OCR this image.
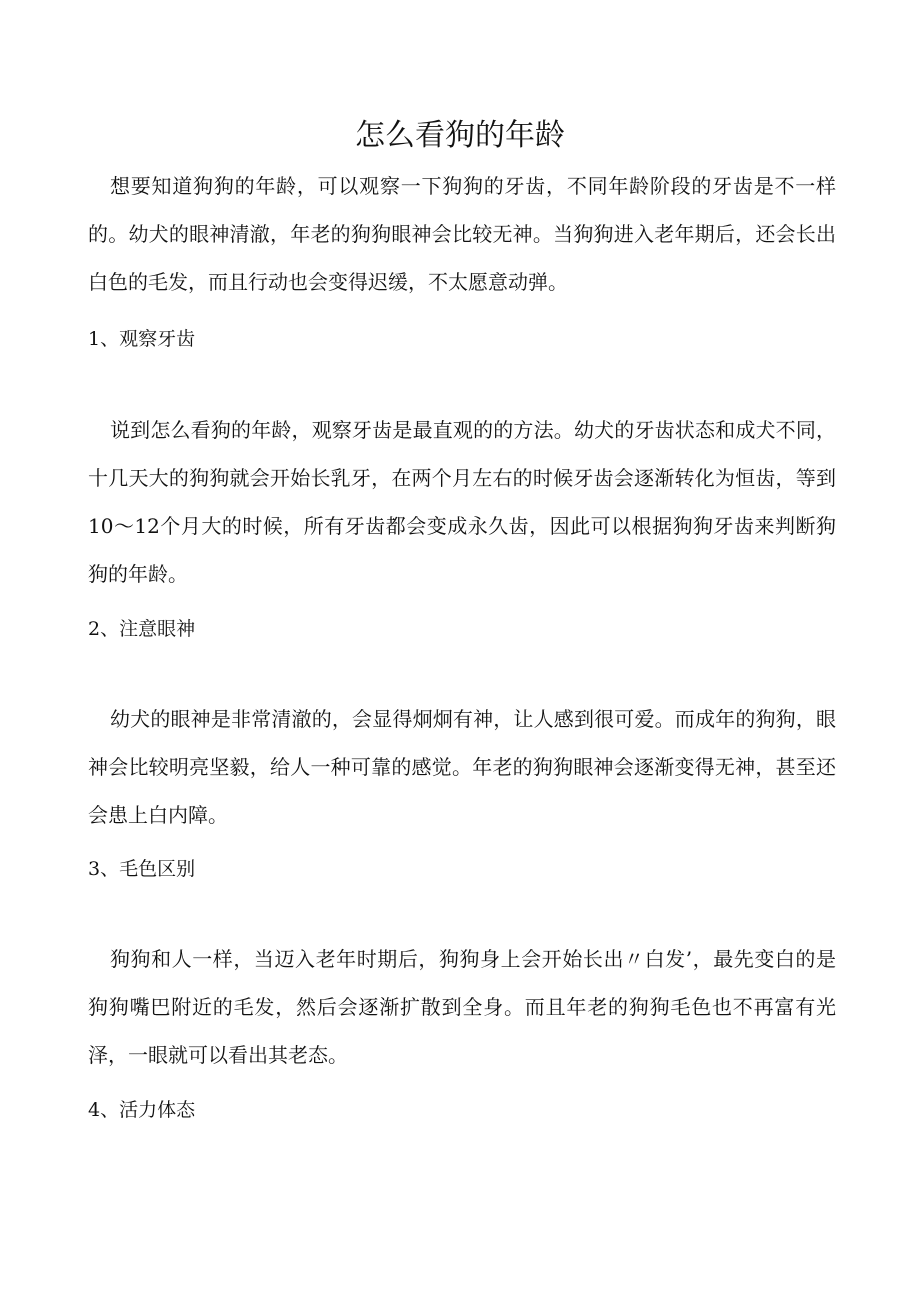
怎么看狗的年龄

想要知道狗狗的年龄，可以观察一下狗狗的牙齿，不同年龄阶段的牙齿是不一样的。幼犬的眼神清澈，年老的狗狗眼神会比较无神。当狗狗进入老年期后，还会长出白色的毛发，而且行动也会变得迟缓，不太愿意动弹。

1、观察牙齿

说到怎么看狗的年龄，观察牙齿是最直观的的方法。幼犬的牙齿状态和成犬不同，十几天大的狗狗就会开始长乳牙，在两个月左右的时候牙齿会逐渐转化为恒齿，等到10～12个月大的时候，所有牙齿都会变成永久齿，因此可以根据狗狗牙齿来判断狗狗的年龄。

2、注意眼神

幼犬的眼神是非常清澈的，会显得炯炯有神，让人感到很可爱。而成年的狗狗，眼神会比较明亮坚毅，给人一种可靠的感觉。年老的狗狗眼神会逐渐变得无神，甚至还会患上白内障。

3、毛色区别

狗狗和人一样，当迈入老年时期后，狗狗身上会开始长出〃白发’，最先变白的是狗狗嘴巴附近的毛发，然后会逐渐扩散到全身。而且年老的狗狗毛色也不再富有光泽，一眼就可以看出其老态。

4、活力体态
